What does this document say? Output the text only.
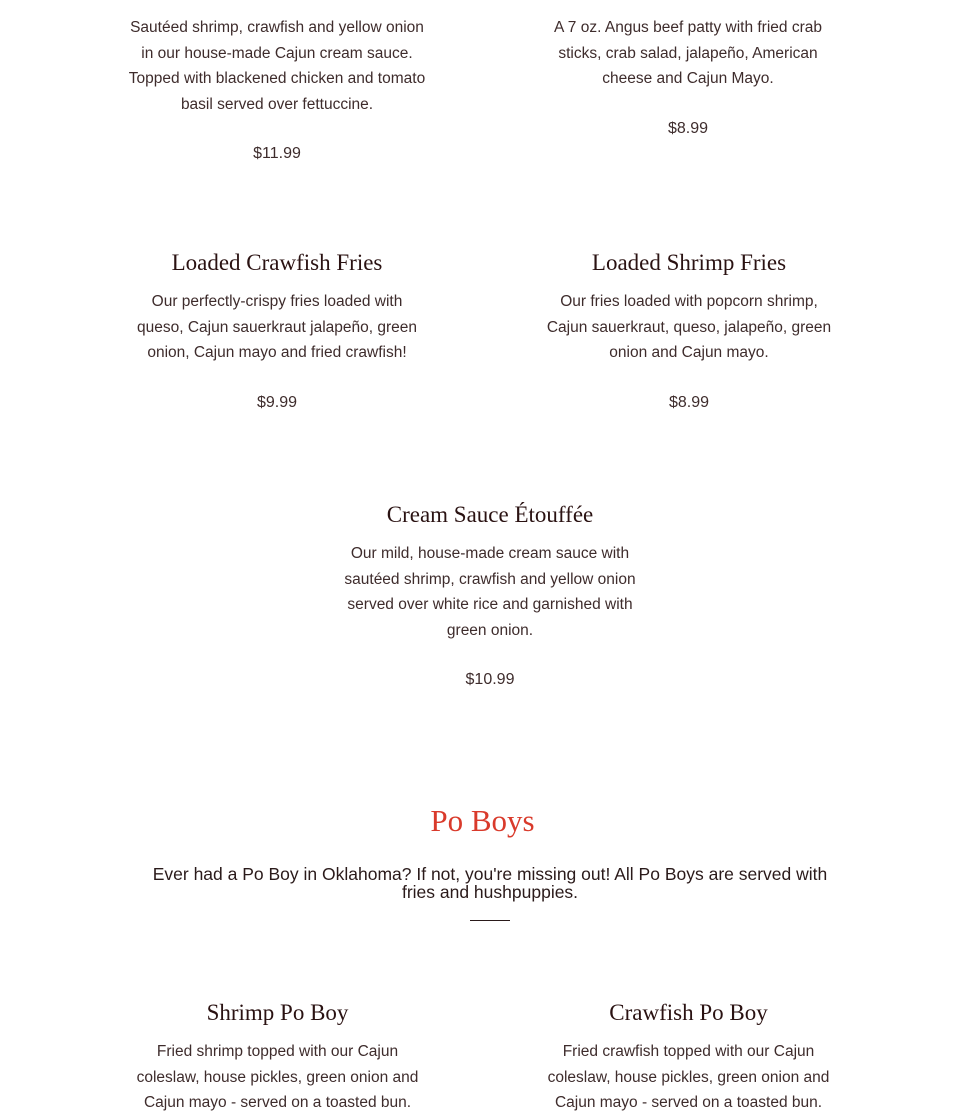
Sautéed shrimp, crawfish and yellow onion in our house-made Cajun cream sauce. Topped with blackened chicken and tomato basil served over fettuccine.

$11.99

A 7 oz. Angus beef patty with fried crab sticks, crab salad, jalapeño, American cheese and Cajun Mayo.

$8.99
Loaded Crawfish Fries

Our perfectly-crispy fries loaded with queso, Cajun sauerkraut jalapeño, green onion, Cajun mayo and fried crawfish!

$9.99
Loaded Shrimp Fries

Our fries loaded with popcorn shrimp, Cajun sauerkraut, queso, jalapeño, green onion and Cajun mayo.

$8.99
Cream Sauce Étouffée

Our mild, house-made cream sauce with sautéed shrimp, crawfish and yellow onion served over white rice and garnished with green onion.

$10.99
Po Boys
Ever had a Po Boy in Oklahoma? If not, you're missing out! All Po Boys are served with fries and hushpuppies.
Shrimp Po Boy

Fried shrimp topped with our Cajun coleslaw, house pickles, green onion and Cajun mayo - served on a toasted bun.

Crawfish Po Boy

Fried crawfish topped with our Cajun coleslaw, house pickles, green onion and Cajun mayo - served on a toasted bun.
